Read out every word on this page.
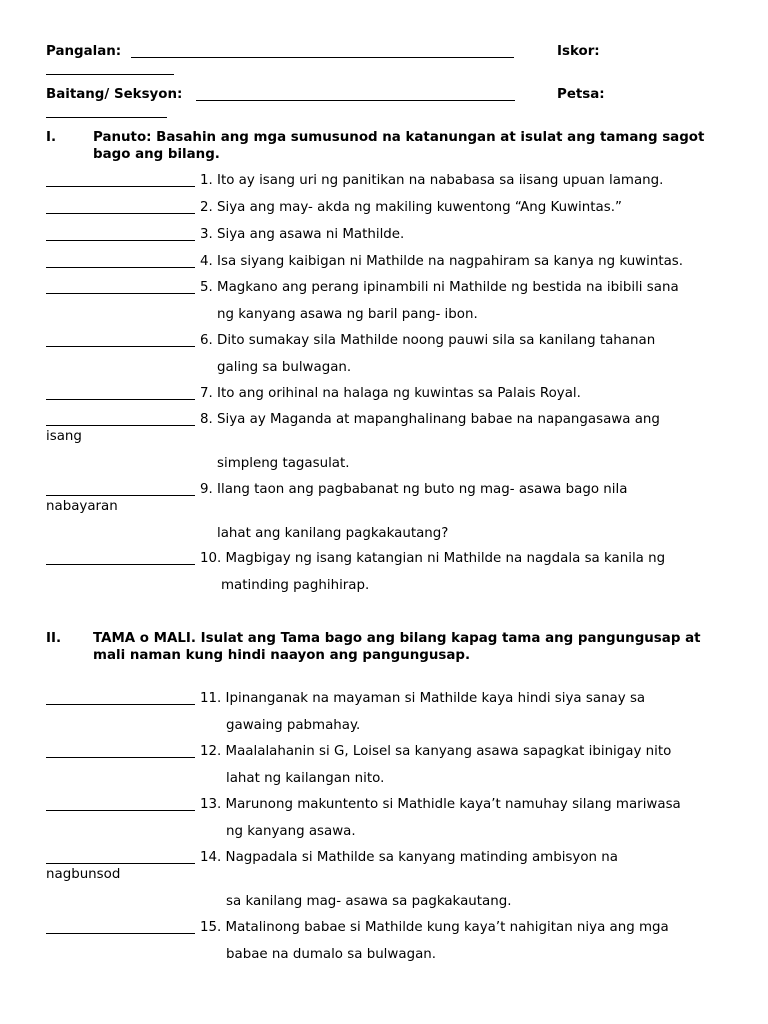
Pangalan:	Iskor:
Baitang/ Seksyon:	Petsa:
I.	Panuto: Basahin ang mga sumusunod na katanungan at isulat ang tamang sagot bago ang bilang.
1. Ito ay isang uri ng panitikan na nababasa sa iisang upuan lamang.
2. Siya ang may- akda ng makiling kuwentong “Ang Kuwintas.”
3. Siya ang asawa ni Mathilde.
4. Isa siyang kaibigan ni Mathilde na nagpahiram sa kanya ng kuwintas.
5. Magkano ang perang ipinambili ni Mathilde ng bestida na ibibili sana
ng kanyang asawa ng baril pang- ibon.
6. Dito sumakay sila Mathilde noong pauwi sila sa kanilang tahanan
galing sa bulwagan.
7. Ito ang orihinal na halaga ng kuwintas sa Palais Royal.
8. Siya ay Maganda at mapanghalinang babae na napangasawa ang
isang
simpleng tagasulat.
9. Ilang taon ang pagbabanat ng buto ng mag- asawa bago nila
nabayaran
lahat ang kanilang pagkakautang?
10. Magbigay ng isang katangian ni Mathilde na nagdala sa kanila ng
matinding paghihirap.
II. TAMA o MALI. Isulat ang Tama bago ang bilang kapag tama ang pangungusap at mali naman kung hindi naayon ang pangungusap.
11. Ipinanganak na mayaman si Mathilde kaya hindi siya sanay sa
gawaing pabmahay.
12. Maalalahanin si G, Loisel sa kanyang asawa sapagkat ibinigay nito
lahat ng kailangan nito.
13. Marunong makuntento si Mathidle kaya’t namuhay silang mariwasa
ng kanyang asawa.
14. Nagpadala si Mathilde sa kanyang matinding ambisyon na
nagbunsod
sa kanilang mag- asawa sa pagkakautang.
15. Matalinong babae si Mathilde kung kaya’t nahigitan niya ang mga
babae na dumalo sa bulwagan.
